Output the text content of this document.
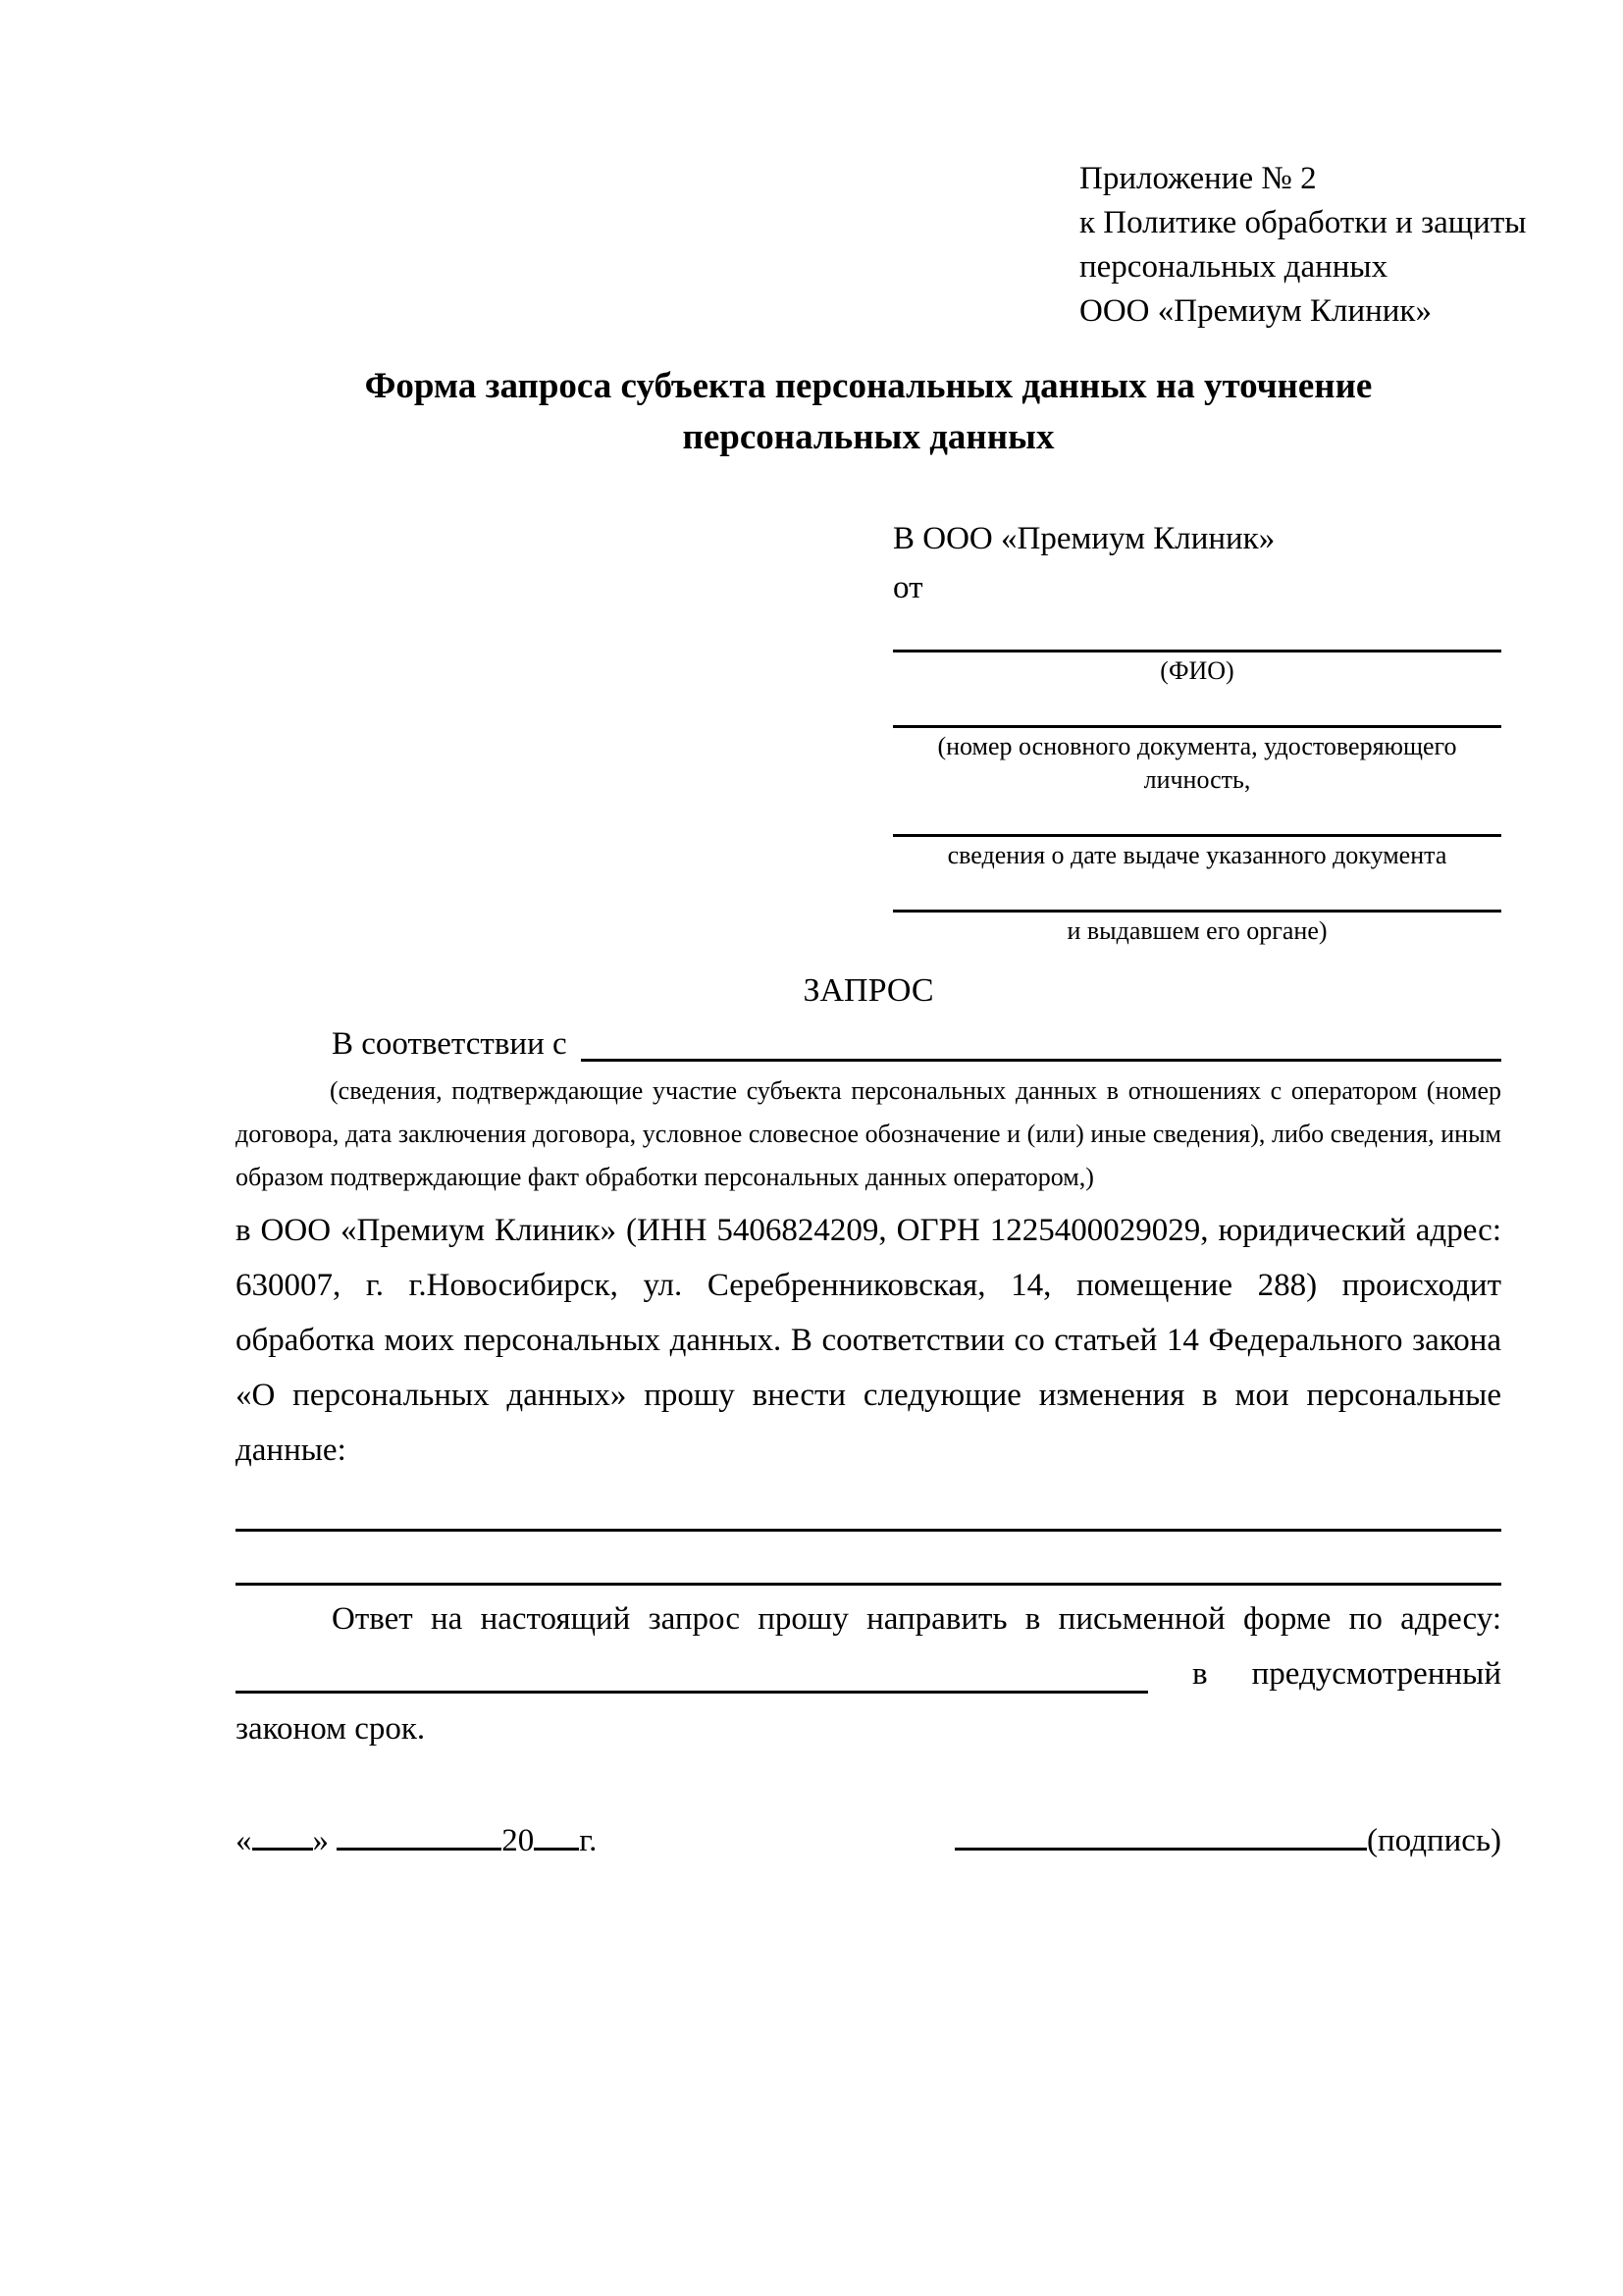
Приложение № 2
к Политике обработки и защиты
персональных данных
ООО «Премиум Клиник»
Форма запроса субъекта персональных данных на уточнение
персональных данных
В ООО «Премиум Клиник»
от
(ФИО)
(номер основного документа, удостоверяющего личность,
сведения о дате выдаче указанного документа
и выдавшем его органе)
ЗАПРОС
В соответствии с

(сведения, подтверждающие участие субъекта персональных данных в отношениях с оператором (номер договора, дата заключения договора, условное словесное обозначение и (или) иные сведения), либо сведения, иным образом подтверждающие факт обработки персональных данных оператором,)

в ООО «Премиум Клиник» (ИНН 5406824209, ОГРН 1225400029029, юридический адрес: 630007, г. г.Новосибирск, ул. Серебренниковская, 14, помещение 288) происходит обработка моих персональных данных. В соответствии со статьей 14 Федерального закона «О персональных данных» прошу внести следующие изменения в мои персональные данные:

Ответ на настоящий запрос прошу направить в письменной форме по адресу:

в предусмотренный

законом срок.

« »	20 г.	(подпись)
